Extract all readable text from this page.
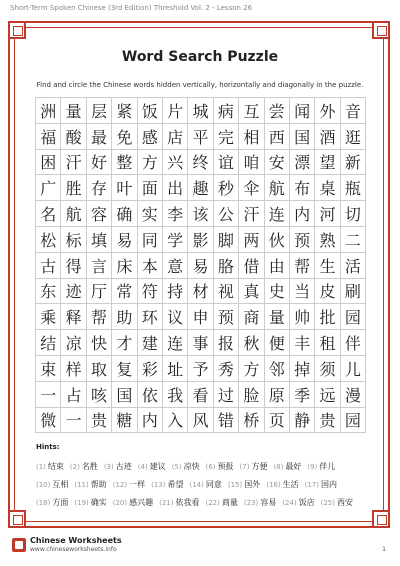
Short-Term Spoken Chinese (3rd Edition) Threshold Vol. 2 - Lesson 26
Word Search Puzzle
Find and circle the Chinese words hidden vertically, horizontally and diagonally in the puzzle.
洲 量 层 紧 饭 片 城 病 互 尝 闻 外 音
福 酸 最 免 感 店 平 完 相 西 国 酒 逛
困 汗 好 整 方 兴 终 谊 咱 安 漂 望 新
广 胜 存 叶 面 出 趣 秒 伞 航 布 桌 瓶
名 航 容 确 实 李 该 公 汗 连 内 河 切
松 标 填 易 同 学 影 脚 两 伙 预 熟 二
古 得 言 床 本 意 易 胳 借 由 帮 生 活
东 迹 厅 常 符 持 材 视 真 史 当 皮 刷
乘 释 帮 助 环 议 申 预 商 量 帅 批 园
结 凉 快 才 建 连 事 报 秋 便 丰 租 伴
束 样 取 复 彩 址 予 秀 方 邻 掉 须 儿
一 占 咳 国 依 我 看 过 脸 原 季 远 漫
微 一 贵 糖 内 入 风 错 桥 页 静 贵 园
Hints:
(1) 结束 (2) 名胜 (3) 古迹 (4) 建议 (5) 凉快 (6) 预报 (7) 方便 (8) 最好 (9) 伴儿(10) 互相 (11) 帮助 (12) 一样 (13) 希望 (14) 同意 (15) 国外 (16) 生活 (17) 国内(18) 方面 (19) 确实 (20) 感兴趣 (21) 依我看 (22) 商量 (23) 容易 (24) 饭店 (25) 西安
Chinese Worksheets
www.chineseworksheets.info	1
